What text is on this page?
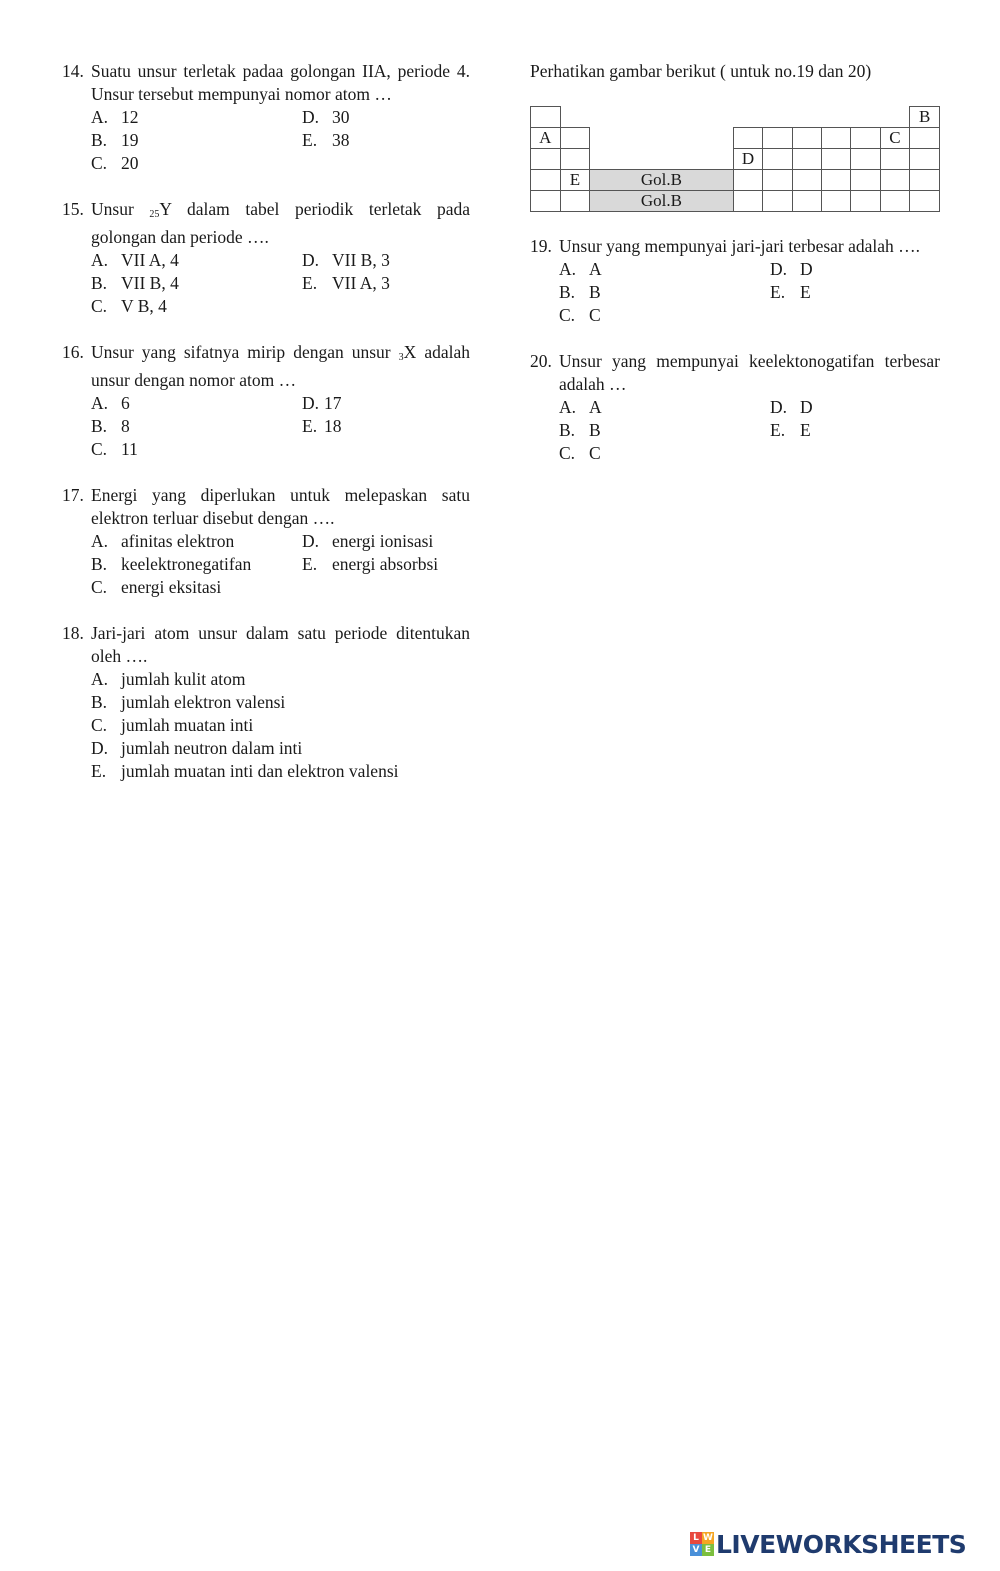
14. Suatu unsur terletak padaa golongan IIA, periode 4. Unsur tersebut mempunyai nomor atom …
A. 12	D. 30
B. 19	E. 38
C. 20
15. Unsur $_{25}$Y dalam tabel periodik terletak pada golongan dan periode ….
A. VII A, 4	D. VII B, 3
B. VII B, 4	E. VII A, 3
C. V B, 4
16. Unsur yang sifatnya mirip dengan unsur $_3$X adalah unsur dengan nomor atom …
A. 6	D. 17
B. 8	E. 18
C. 11
17. Energi yang diperlukan untuk melepaskan satu elektron terluar disebut dengan ….
A. afinitas elektron	D. energi ionisasi
B. keelektronegatifan	E. energi absorbsi
C. energi eksitasi
18. Jari-jari atom unsur dalam satu periode ditentukan oleh ….
A. jumlah kulit atom
B. jumlah elektron valensi
C. jumlah muatan inti
D. jumlah neutron dalam inti
E. jumlah muatan inti dan elektron valensi
Perhatikan gambar berikut ( untuk no.19 dan 20)
													B
A												C	
							D						
	E	Gol.B											
		Gol.B											
19. Unsur yang mempunyai jari-jari terbesar adalah ….
A. A	D. D
B. B	E. E
C. C
20. Unsur yang mempunyai keelektonogatifan terbesar adalah …
A. A	D. D
B. B	E. E
C. C
L W
V E LIVEWORKSHEETS
